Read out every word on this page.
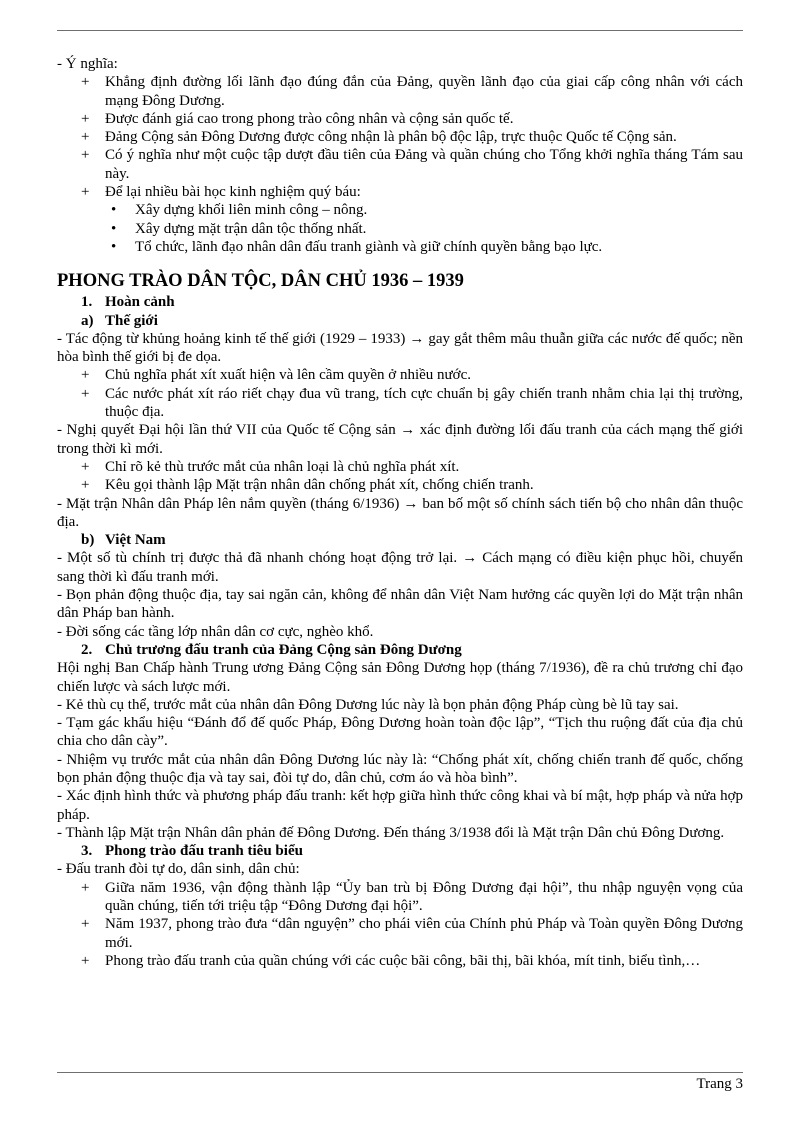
- Ý nghĩa:

+ Khẳng định đường lối lãnh đạo đúng đắn của Đảng, quyền lãnh đạo của giai cấp công nhân với cách mạng Đông Dương.

+ Được đánh giá cao trong phong trào công nhân và cộng sản quốc tế.

+ Đảng Cộng sản Đông Dương được công nhận là phân bộ độc lập, trực thuộc Quốc tế Cộng sản.

+ Có ý nghĩa như một cuộc tập dượt đầu tiên của Đảng và quần chúng cho Tổng khởi nghĩa tháng Tám sau này.

+ Để lại nhiều bài học kinh nghiệm quý báu:

• Xây dựng khối liên minh công – nông.

• Xây dựng mặt trận dân tộc thống nhất.

• Tổ chức, lãnh đạo nhân dân đấu tranh giành và giữ chính quyền bằng bạo lực.

PHONG TRÀO DÂN TỘC, DÂN CHỦ 1936 – 1939

1. Hoàn cảnh

a) Thế giới

- Tác động từ khủng hoảng kinh tế thế giới (1929 – 1933) → gay gắt thêm mâu thuẫn giữa các nước đế quốc; nền hòa bình thế giới bị đe dọa.

+ Chủ nghĩa phát xít xuất hiện và lên cầm quyền ở nhiều nước.

+ Các nước phát xít ráo riết chạy đua vũ trang, tích cực chuẩn bị gây chiến tranh nhằm chia lại thị trường, thuộc địa.

- Nghị quyết Đại hội lần thứ VII của Quốc tế Cộng sản → xác định đường lối đấu tranh của cách mạng thế giới trong thời kì mới.

+ Chỉ rõ kẻ thù trước mắt của nhân loại là chủ nghĩa phát xít.

+ Kêu gọi thành lập Mặt trận nhân dân chống phát xít, chống chiến tranh.

- Mặt trận Nhân dân Pháp lên nắm quyền (tháng 6/1936) → ban bố một số chính sách tiến bộ cho nhân dân thuộc địa.

b) Việt Nam

- Một số tù chính trị được thả đã nhanh chóng hoạt động trở lại. → Cách mạng có điều kiện phục hồi, chuyển sang thời kì đấu tranh mới.

- Bọn phản động thuộc địa, tay sai ngăn cản, không để nhân dân Việt Nam hưởng các quyền lợi do Mặt trận nhân dân Pháp ban hành.

- Đời sống các tầng lớp nhân dân cơ cực, nghèo khổ.

2. Chủ trương đấu tranh của Đảng Cộng sản Đông Dương

Hội nghị Ban Chấp hành Trung ương Đảng Cộng sản Đông Dương họp (tháng 7/1936), đề ra chủ trương chỉ đạo chiến lược và sách lược mới.

- Kẻ thù cụ thể, trước mắt của nhân dân Đông Dương lúc này là bọn phản động Pháp cùng bè lũ tay sai.

- Tạm gác khẩu hiệu “Đánh đổ đế quốc Pháp, Đông Dương hoàn toàn độc lập”, “Tịch thu ruộng đất của địa chủ chia cho dân cày”.

- Nhiệm vụ trước mắt của nhân dân Đông Dương lúc này là: “Chống phát xít, chống chiến tranh đế quốc, chống bọn phản động thuộc địa và tay sai, đòi tự do, dân chủ, cơm áo và hòa bình”.

- Xác định hình thức và phương pháp đấu tranh: kết hợp giữa hình thức công khai và bí mật, hợp pháp và nửa hợp pháp.

- Thành lập Mặt trận Nhân dân phản đế Đông Dương. Đến tháng 3/1938 đổi là Mặt trận Dân chủ Đông Dương.

3. Phong trào đấu tranh tiêu biểu

- Đấu tranh đòi tự do, dân sinh, dân chủ:

+ Giữa năm 1936, vận động thành lập “Ủy ban trù bị Đông Dương đại hội”, thu nhập nguyện vọng của quần chúng, tiến tới triệu tập “Đông Dương đại hội”.

+ Năm 1937, phong trào đưa “dân nguyện” cho phái viên của Chính phủ Pháp và Toàn quyền Đông Dương mới.

+ Phong trào đấu tranh của quần chúng với các cuộc bãi công, bãi thị, bãi khóa, mít tinh, biểu tình,…

Trang 3
